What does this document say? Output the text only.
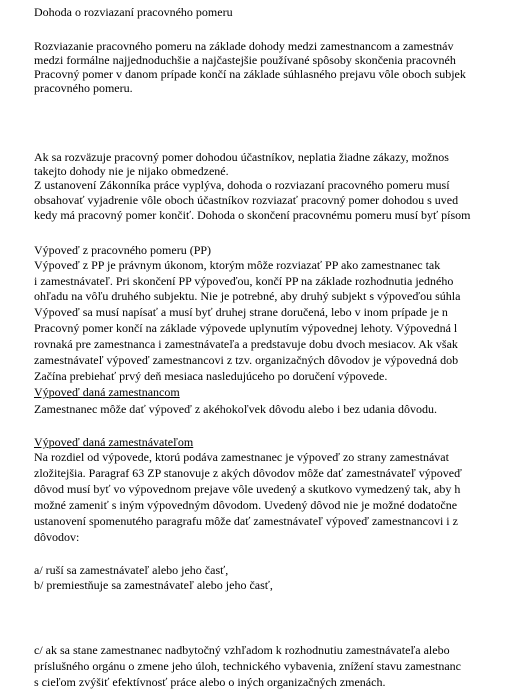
Dohoda o rozviazaní pracovného pomeru
Rozviazanie pracovného pomeru na základe dohody medzi zamestnancom a zamestnáv
medzi formálne najjednoduchšie a najčastejšie používané spôsoby skončenia pracovnéh
Pracovný pomer v danom prípade končí na základe súhlasného prejavu vôle oboch subjek
pracovného pomeru.
Ak sa rozväzuje pracovný pomer dohodou účastníkov, neplatia žiadne zákazy, možnos
takejto dohody nie je nijako obmedzené.
Z ustanovení Zákonníka práce vyplýva, dohoda o rozviazaní pracovného pomeru musí
obsahovať vyjadrenie vôle oboch účastníkov rozviazať pracovný pomer dohodou s uved
kedy má pracovný pomer končiť. Dohoda o skončení pracovnému pomeru musí byť písom
Výpoveď z pracovného pomeru (PP)
Výpoveď z PP je právnym úkonom, ktorým môže rozviazať PP ako zamestnanec tak
i zamestnávateľ. Pri skončení PP výpoveďou, končí PP na základe rozhodnutia jedného
ohľadu na vôľu druhého subjektu. Nie je potrebné, aby druhý subjekt s výpoveďou súhla
Výpoveď sa musí napísať a musí byť druhej strane doručená, lebo v inom prípade je n
Pracovný pomer končí na základe výpovede uplynutím výpovednej lehoty. Výpovedná l
rovnaká pre zamestnanca i zamestnávateľa a predstavuje dobu dvoch mesiacov. Ak však
zamestnávateľ výpoveď zamestnancovi z tzv. organizačných dôvodov je výpovedná dob
Začína prebiehať prvý deň mesiaca nasledujúceho po doručení výpovede.
Výpoveď daná zamestnancom
Zamestnanec môže dať výpoveď z akéhokoľvek dôvodu alebo i bez udania dôvodu.
Výpoveď daná zamestnávateľom
Na rozdiel od výpovede, ktorú podáva zamestnanec je výpoveď zo strany zamestnávat
zložitejšia. Paragraf 63 ZP stanovuje z akých dôvodov môže dať zamestnávateľ výpoveď
dôvod musí byť vo výpovednom prejave vôle uvedený a skutkovo vymedzený tak, aby h
možné zameniť s iným výpovedným dôvodom. Uvedený dôvod nie je možné dodatočne
ustanovení spomenutého paragrafu môže dať zamestnávateľ výpoveď zamestnancovi i z
dôvodov:
a/ ruší sa zamestnávateľ alebo jeho časť,
b/ premiestňuje sa zamestnávateľ alebo jeho časť,
c/ ak sa stane zamestnanec nadbytočný vzhľadom k rozhodnutiu zamestnávateľa alebo
príslušného orgánu o zmene jeho úloh, technického vybavenia, znížení stavu zamestnanc
s cieľom zvýšiť efektívnosť práce alebo o iných organizačných zmenách.
